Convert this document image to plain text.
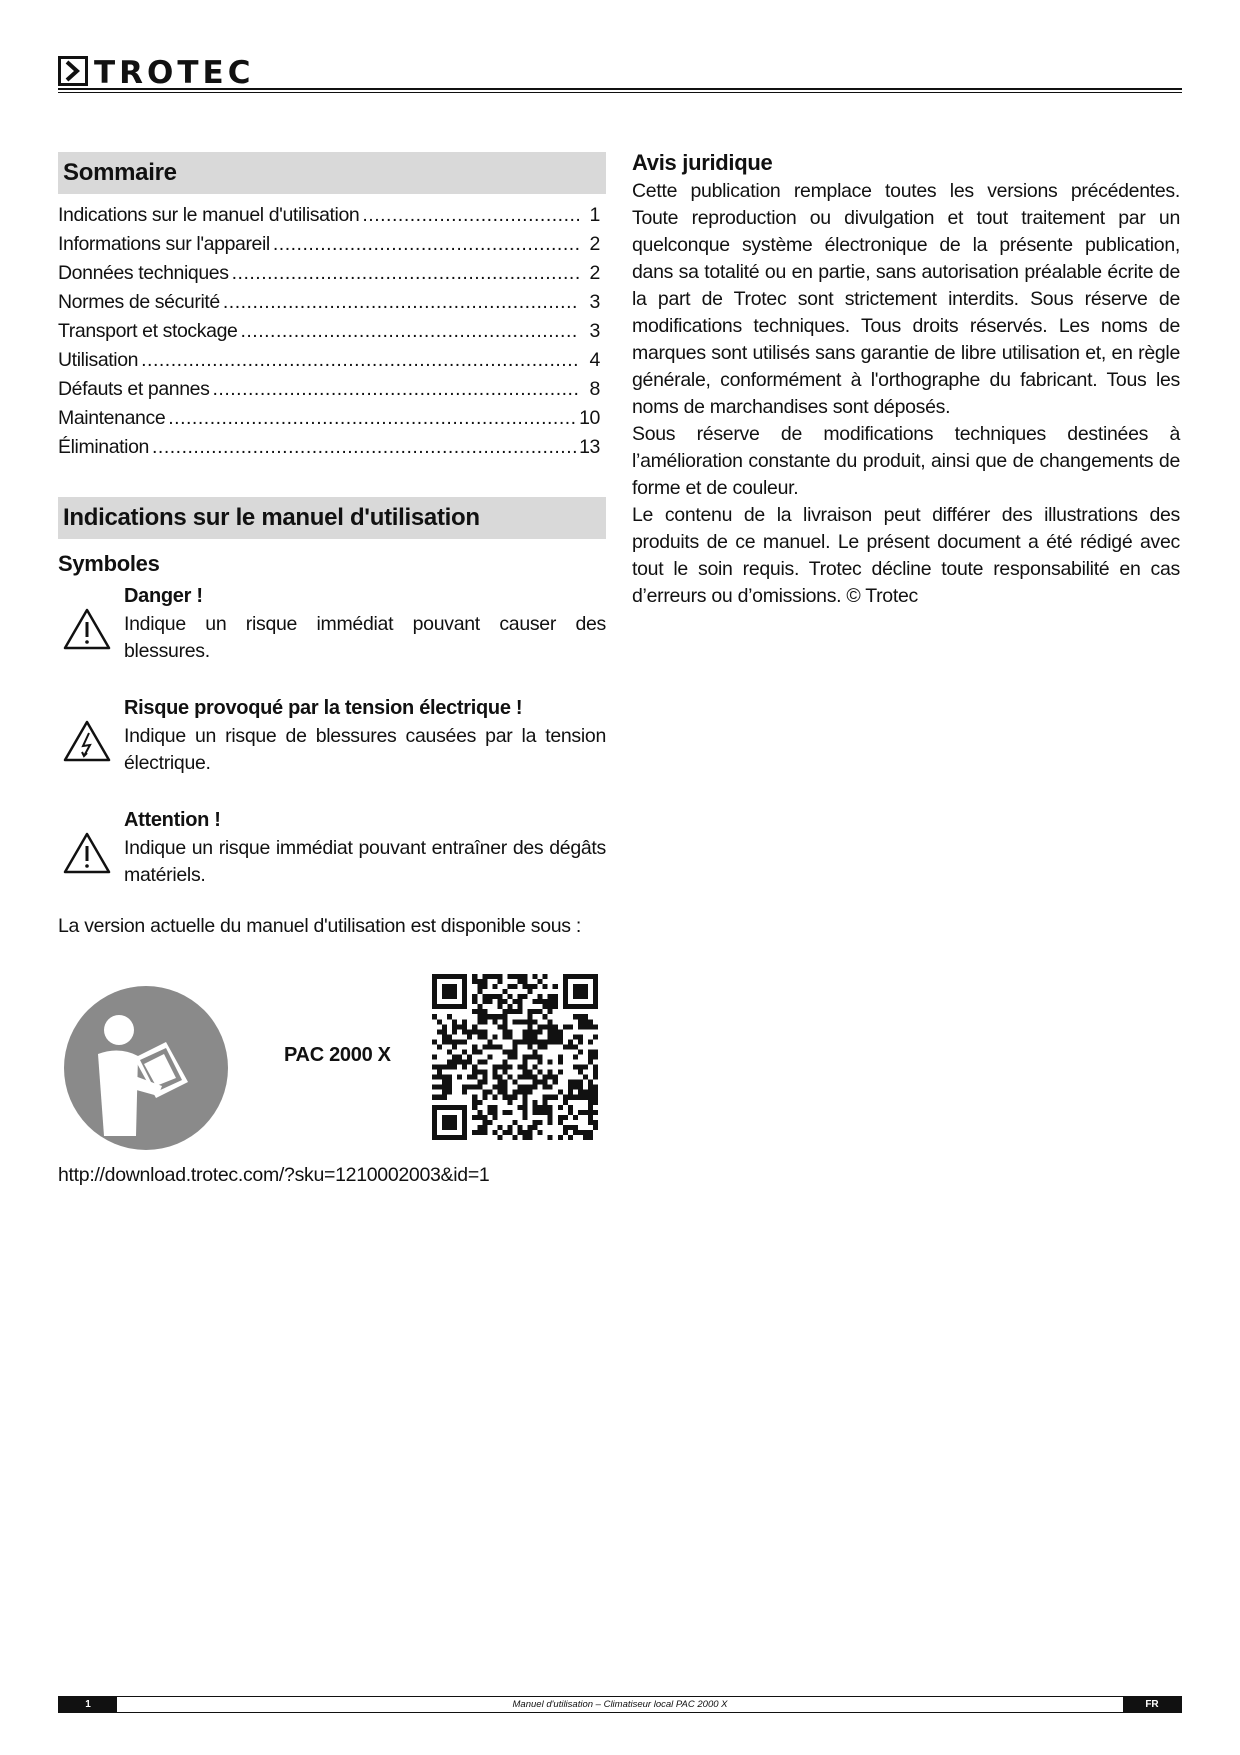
TROTEC
Sommaire
Indications sur le manuel d'utilisation .....	1
Informations sur l'appareil .....	2
Données techniques .....	2
Normes de sécurité .....	3
Transport et stockage .....	3
Utilisation .....	4
Défauts et pannes .....	8
Maintenance .....	10
Élimination .....	13
Indications sur le manuel d'utilisation
Symboles
Danger !
Indique un risque immédiat pouvant causer des blessures.
Risque provoqué par la tension électrique !
Indique un risque de blessures causées par la tension électrique.
Attention !
Indique un risque immédiat pouvant entraîner des dégâts matériels.
La version actuelle du manuel d'utilisation est disponible sous :
PAC 2000 X
http://download.trotec.com/?sku=1210002003&id=1
Avis juridique

Cette publication remplace toutes les versions précédentes. Toute reproduction ou divulgation et tout traitement par un quelconque système électronique de la présente publication, dans sa totalité ou en partie, sans autorisation préalable écrite de la part de Trotec sont strictement interdits. Sous réserve de modifications techniques. Tous droits réservés. Les noms de marques sont utilisés sans garantie de libre utilisation et, en règle générale, conformément à l'orthographe du fabricant. Tous les noms de marchandises sont déposés.

Sous réserve de modifications techniques destinées à l’amélioration constante du produit, ainsi que de changements de forme et de couleur.

Le contenu de la livraison peut différer des illustrations des produits de ce manuel. Le présent document a été rédigé avec tout le soin requis. Trotec décline toute responsabilité en cas d’erreurs ou d’omissions. © Trotec

1	Manuel d'utilisation – Climatiseur local PAC 2000 X	FR
